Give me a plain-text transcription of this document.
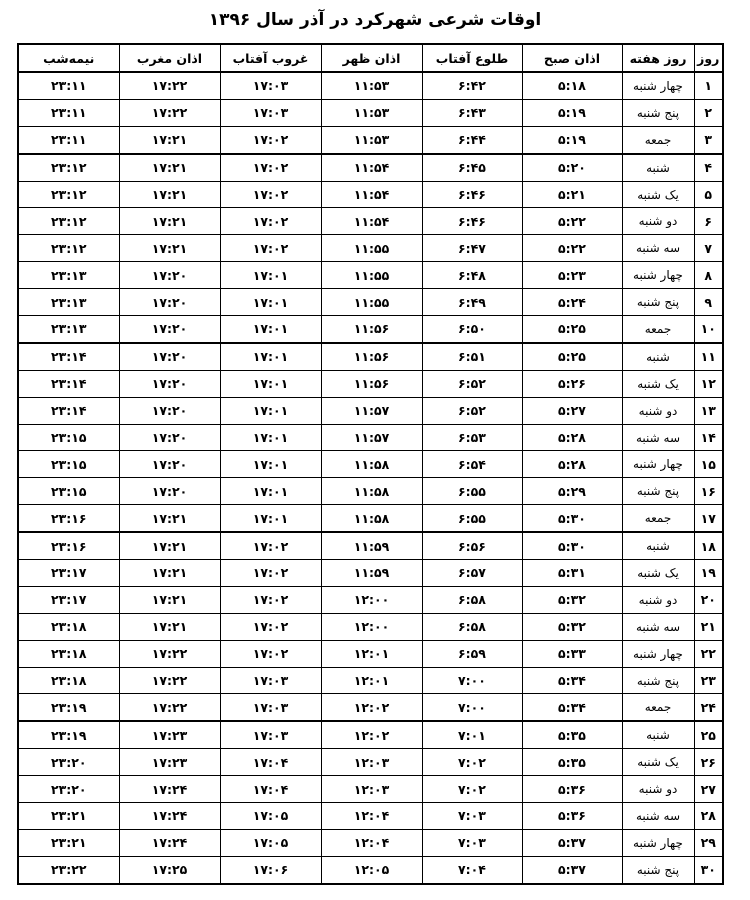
اوقات شرعی شهرکرد در آذر سال ۱۳۹۶
روز	روز هفته	اذان صبح	طلوع آفتاب	اذان ظهر	غروب آفتاب	اذان مغرب	نیمه‌شب
۱	چهار شنبه	۵:۱۸	۶:۴۲	۱۱:۵۳	۱۷:۰۳	۱۷:۲۲	۲۳:۱۱
۲	پنج شنبه	۵:۱۹	۶:۴۳	۱۱:۵۳	۱۷:۰۳	۱۷:۲۲	۲۳:۱۱
۳	جمعه	۵:۱۹	۶:۴۴	۱۱:۵۳	۱۷:۰۲	۱۷:۲۱	۲۳:۱۱
۴	شنبه	۵:۲۰	۶:۴۵	۱۱:۵۴	۱۷:۰۲	۱۷:۲۱	۲۳:۱۲
۵	یک شنبه	۵:۲۱	۶:۴۶	۱۱:۵۴	۱۷:۰۲	۱۷:۲۱	۲۳:۱۲
۶	دو شنبه	۵:۲۲	۶:۴۶	۱۱:۵۴	۱۷:۰۲	۱۷:۲۱	۲۳:۱۲
۷	سه شنبه	۵:۲۲	۶:۴۷	۱۱:۵۵	۱۷:۰۲	۱۷:۲۱	۲۳:۱۲
۸	چهار شنبه	۵:۲۳	۶:۴۸	۱۱:۵۵	۱۷:۰۱	۱۷:۲۰	۲۳:۱۳
۹	پنج شنبه	۵:۲۴	۶:۴۹	۱۱:۵۵	۱۷:۰۱	۱۷:۲۰	۲۳:۱۳
۱۰	جمعه	۵:۲۵	۶:۵۰	۱۱:۵۶	۱۷:۰۱	۱۷:۲۰	۲۳:۱۳
۱۱	شنبه	۵:۲۵	۶:۵۱	۱۱:۵۶	۱۷:۰۱	۱۷:۲۰	۲۳:۱۴
۱۲	یک شنبه	۵:۲۶	۶:۵۲	۱۱:۵۶	۱۷:۰۱	۱۷:۲۰	۲۳:۱۴
۱۳	دو شنبه	۵:۲۷	۶:۵۲	۱۱:۵۷	۱۷:۰۱	۱۷:۲۰	۲۳:۱۴
۱۴	سه شنبه	۵:۲۸	۶:۵۳	۱۱:۵۷	۱۷:۰۱	۱۷:۲۰	۲۳:۱۵
۱۵	چهار شنبه	۵:۲۸	۶:۵۴	۱۱:۵۸	۱۷:۰۱	۱۷:۲۰	۲۳:۱۵
۱۶	پنج شنبه	۵:۲۹	۶:۵۵	۱۱:۵۸	۱۷:۰۱	۱۷:۲۰	۲۳:۱۵
۱۷	جمعه	۵:۳۰	۶:۵۵	۱۱:۵۸	۱۷:۰۱	۱۷:۲۱	۲۳:۱۶
۱۸	شنبه	۵:۳۰	۶:۵۶	۱۱:۵۹	۱۷:۰۲	۱۷:۲۱	۲۳:۱۶
۱۹	یک شنبه	۵:۳۱	۶:۵۷	۱۱:۵۹	۱۷:۰۲	۱۷:۲۱	۲۳:۱۷
۲۰	دو شنبه	۵:۳۲	۶:۵۸	۱۲:۰۰	۱۷:۰۲	۱۷:۲۱	۲۳:۱۷
۲۱	سه شنبه	۵:۳۲	۶:۵۸	۱۲:۰۰	۱۷:۰۲	۱۷:۲۱	۲۳:۱۸
۲۲	چهار شنبه	۵:۳۳	۶:۵۹	۱۲:۰۱	۱۷:۰۲	۱۷:۲۲	۲۳:۱۸
۲۳	پنج شنبه	۵:۳۴	۷:۰۰	۱۲:۰۱	۱۷:۰۳	۱۷:۲۲	۲۳:۱۸
۲۴	جمعه	۵:۳۴	۷:۰۰	۱۲:۰۲	۱۷:۰۳	۱۷:۲۲	۲۳:۱۹
۲۵	شنبه	۵:۳۵	۷:۰۱	۱۲:۰۲	۱۷:۰۳	۱۷:۲۳	۲۳:۱۹
۲۶	یک شنبه	۵:۳۵	۷:۰۲	۱۲:۰۳	۱۷:۰۴	۱۷:۲۳	۲۳:۲۰
۲۷	دو شنبه	۵:۳۶	۷:۰۲	۱۲:۰۳	۱۷:۰۴	۱۷:۲۴	۲۳:۲۰
۲۸	سه شنبه	۵:۳۶	۷:۰۳	۱۲:۰۴	۱۷:۰۵	۱۷:۲۴	۲۳:۲۱
۲۹	چهار شنبه	۵:۳۷	۷:۰۳	۱۲:۰۴	۱۷:۰۵	۱۷:۲۴	۲۳:۲۱
۳۰	پنج شنبه	۵:۳۷	۷:۰۴	۱۲:۰۵	۱۷:۰۶	۱۷:۲۵	۲۳:۲۲
